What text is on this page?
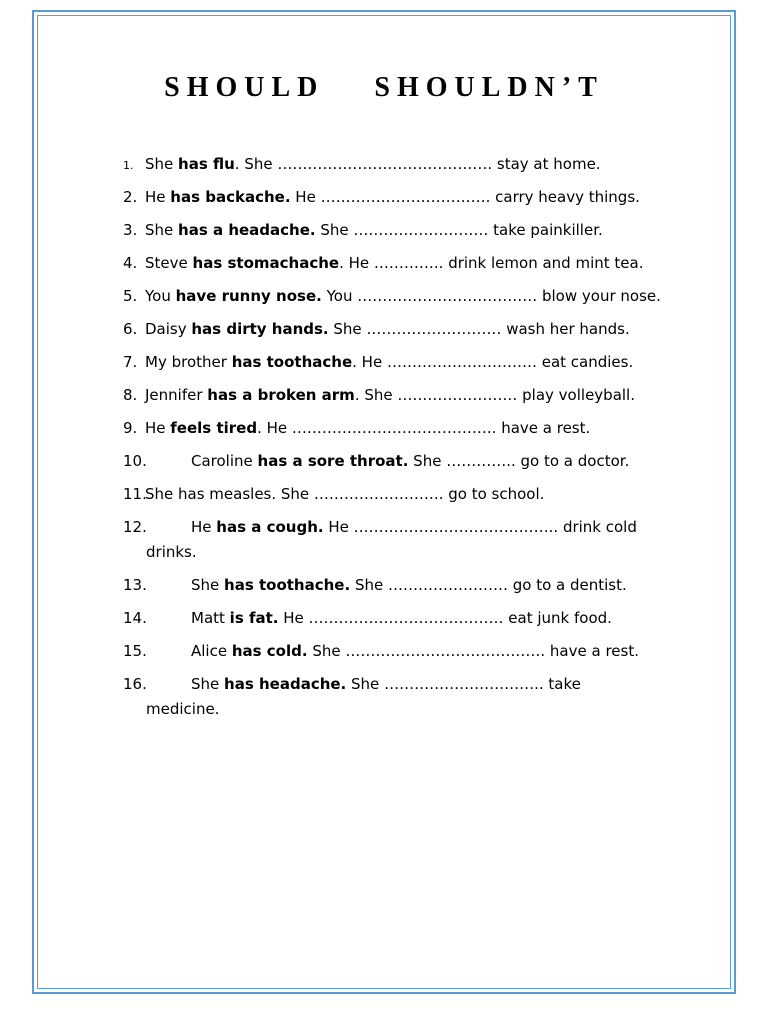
SHOULD SHOULDN’T
1. She has flu. She ……………………………………. stay at home.
2. He has backache. He ……………………………. carry heavy things.
3. She has a headache. She ……………………… take painkiller.
4. Steve has stomachache. He ………….. drink lemon and mint tea.
5. You have runny nose. You ……………………………… blow your nose.
6. Daisy has dirty hands. She ……………………… wash her hands.
7. My brother has toothache. He ………………………… eat candies.
8. Jennifer has a broken arm. She …………………… play volleyball.
9. He feels tired. He ………………………………….. have a rest.
10.	Caroline has a sore throat. She ………….. go to a doctor.
11.She has measles. She …………………….. go to school.
12.	He has a cough. He ………………………………….. drink cold
drinks.
13.	She has toothache. She …………………… go to a dentist.
14.	Matt is fat. He ………………………………… eat junk food.
15.	Alice has cold. She …………………………………. have a rest.
16.	She has headache. She ………………………….. take
medicine.
